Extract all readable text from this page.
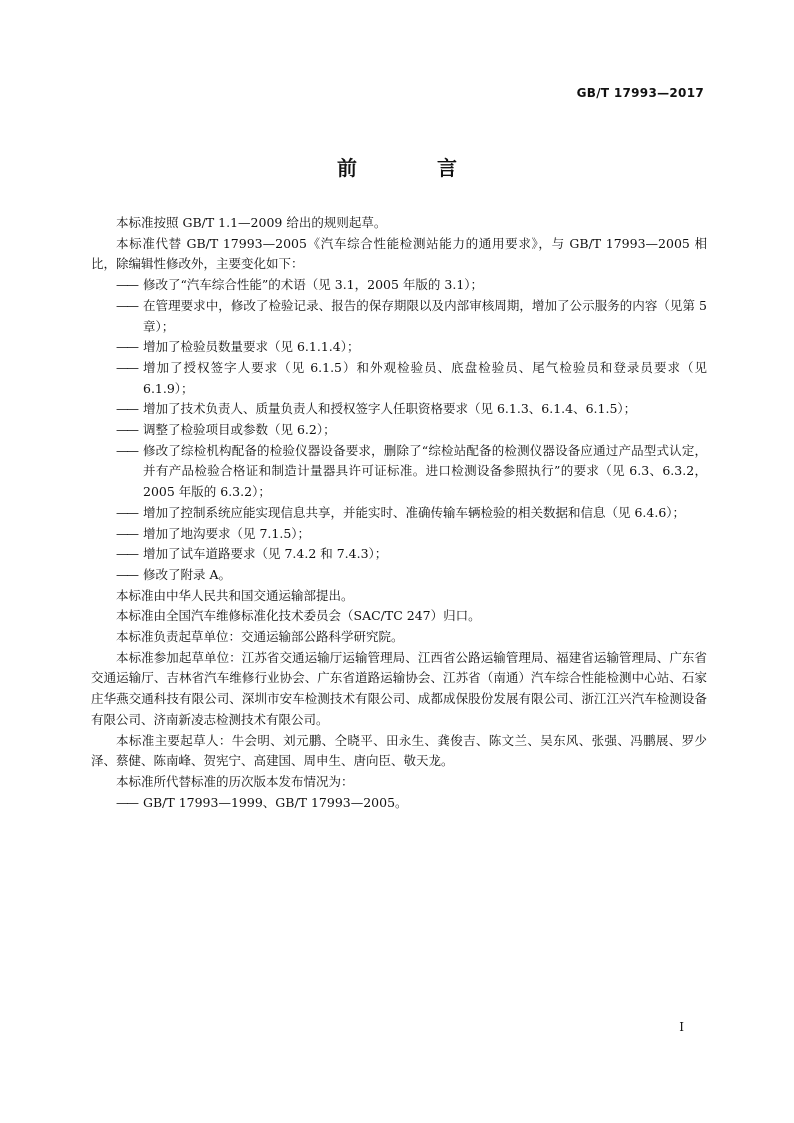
GB/T 17993—2017
前　言

本标准按照 GB/T 1.1—2009 给出的规则起草。

本标准代替 GB/T 17993—2005《汽车综合性能检测站能力的通用要求》，与 GB/T 17993—2005 相比，除编辑性修改外，主要变化如下：

—— 修改了“汽车综合性能”的术语（见 3.1，2005 年版的 3.1）；

—— 在管理要求中，修改了检验记录、报告的保存期限以及内部审核周期，增加了公示服务的内容（见第 5 章）；

—— 增加了检验员数量要求（见 6.1.1.4）；

—— 增加了授权签字人要求（见 6.1.5）和外观检验员、底盘检验员、尾气检验员和登录员要求（见 6.1.9）；

—— 增加了技术负责人、质量负责人和授权签字人任职资格要求（见 6.1.3、6.1.4、6.1.5）；

—— 调整了检验项目或参数（见 6.2）；

—— 修改了综检机构配备的检验仪器设备要求，删除了“综检站配备的检测仪器设备应通过产品型式认定，并有产品检验合格证和制造计量器具许可证标准。进口检测设备参照执行”的要求（见 6.3、6.3.2，2005 年版的 6.3.2）；

—— 增加了控制系统应能实现信息共享，并能实时、准确传输车辆检验的相关数据和信息（见 6.4.6）；

—— 增加了地沟要求（见 7.1.5）；

—— 增加了试车道路要求（见 7.4.2 和 7.4.3）；

—— 修改了附录 A。

本标准由中华人民共和国交通运输部提出。

本标准由全国汽车维修标准化技术委员会（SAC/TC 247）归口。

本标准负责起草单位：交通运输部公路科学研究院。

本标准参加起草单位：江苏省交通运输厅运输管理局、江西省公路运输管理局、福建省运输管理局、广东省交通运输厅、吉林省汽车维修行业协会、广东省道路运输协会、江苏省（南通）汽车综合性能检测中心站、石家庄华燕交通科技有限公司、深圳市安车检测技术有限公司、成都成保股份发展有限公司、浙江江兴汽车检测设备有限公司、济南新凌志检测技术有限公司。

本标准主要起草人：牛会明、刘元鹏、仝晓平、田永生、龚俊吉、陈文兰、吴东风、张强、冯鹏展、罗少泽、蔡健、陈南峰、贺宪宁、高建国、周申生、唐向臣、敬天龙。

本标准所代替标准的历次版本发布情况为：

—— GB/T 17993—1999、GB/T 17993—2005。

I
